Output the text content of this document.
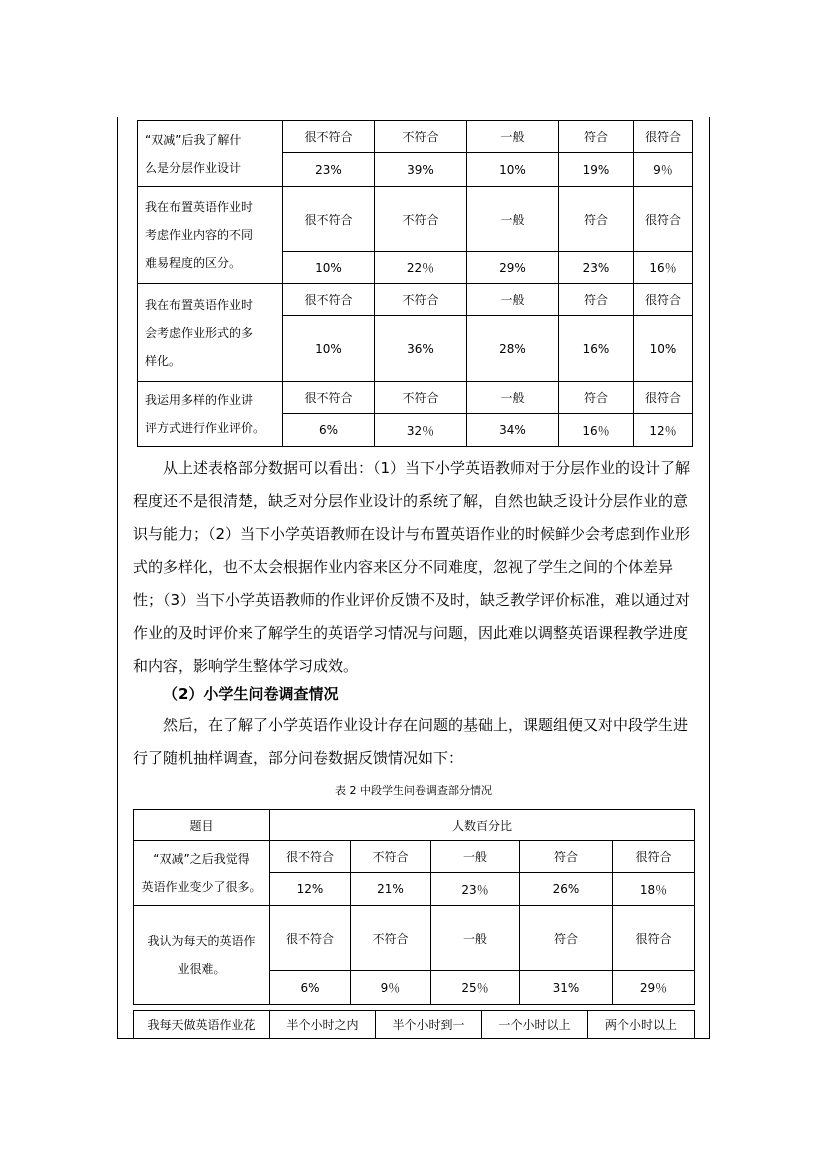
“双减”后我了解什
么是分层作业设计	很不符合	不符合	一般	符合	很符合
	23%	39%	10%	19%	9％

我在布置英语作业时
考虑作业内容的不同
难易程度的区分。	很不符合	不符合	一般	符合	很符合
	10%	22％	29%	23%	16％

我在布置英语作业时
会考虑作业形式的多
样化。	很不符合	不符合	一般	符合	很符合
	10%	36%	28%	16%	10%

我运用多样的作业讲
评方式进行作业评价。	很不符合	不符合	一般	符合	很符合
	6%	32％	34%	16％	12％

从上述表格部分数据可以看出：（1）当下小学英语教师对于分层作业的设计了解程度还不是很清楚，缺乏对分层作业设计的系统了解，自然也缺乏设计分层作业的意识与能力；（2）当下小学英语教师在设计与布置英语作业的时候鲜少会考虑到作业形式的多样化，也不太会根据作业内容来区分不同难度，忽视了学生之间的个体差异性；（3）当下小学英语教师的作业评价反馈不及时，缺乏教学评价标准，难以通过对作业的及时评价来了解学生的英语学习情况与问题，因此难以调整英语课程教学进度和内容，影响学生整体学习成效。

（2）小学生问卷调查情况

然后，在了解了小学英语作业设计存在问题的基础上，课题组便又对中段学生进行了随机抽样调查，部分问卷数据反馈情况如下：

表 2 中段学生问卷调查部分情况
题目	人数百分比				

“双减”之后我觉得
英语作业变少了很多。	很不符合	不符合	一般	符合	很符合
	12%	21%	23％	26%	18％

我认为每天的英语作
业很难。	很不符合	不符合	一般	符合	很符合
	6%	9％	25％	31%	29％
我每天做英语作业花	半个小时之内	半个小时到一	一个小时以上	两个小时以上
